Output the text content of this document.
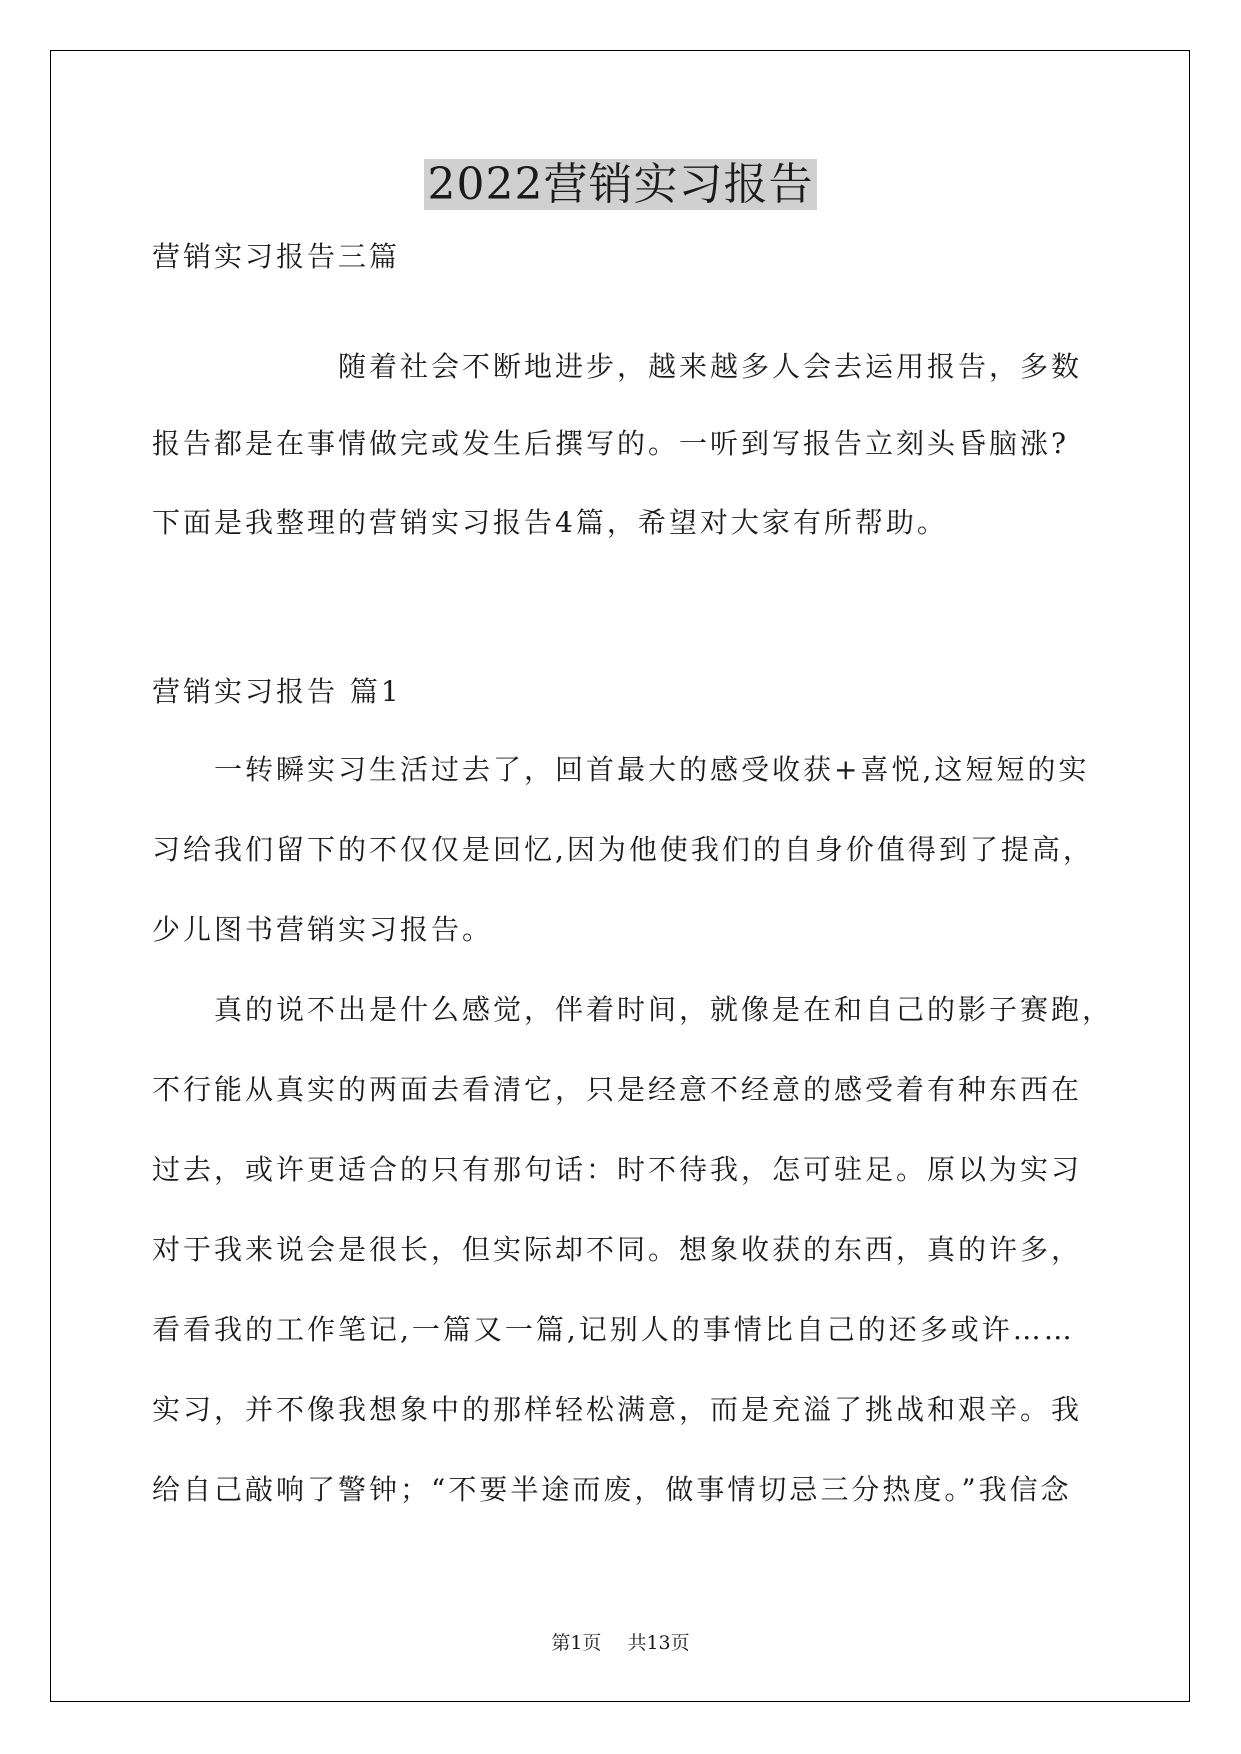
2022营销实习报告

营销实习报告三篇

随着社会不断地进步，越来越多人会去运用报告，多数

报告都是在事情做完或发生后撰写的。一听到写报告立刻头昏脑涨?

下面是我整理的营销实习报告4篇，希望对大家有所帮助。

营销实习报告 篇1

一转瞬实习生活过去了，回首最大的感受收获+喜悦,这短短的实

习给我们留下的不仅仅是回忆,因为他使我们的自身价值得到了提高，

少儿图书营销实习报告。

真的说不出是什么感觉，伴着时间，就像是在和自己的影子赛跑，

不行能从真实的两面去看清它，只是经意不经意的感受着有种东西在

过去，或许更适合的只有那句话：时不待我，怎可驻足。原以为实习

对于我来说会是很长，但实际却不同。想象收获的东西，真的许多，

看看我的工作笔记,一篇又一篇,记别人的事情比自己的还多或许……

实习，并不像我想象中的那样轻松满意，而是充溢了挑战和艰辛。我

给自己敲响了警钟；“不要半途而废，做事情切忌三分热度。”我信念

第1页 共13页
